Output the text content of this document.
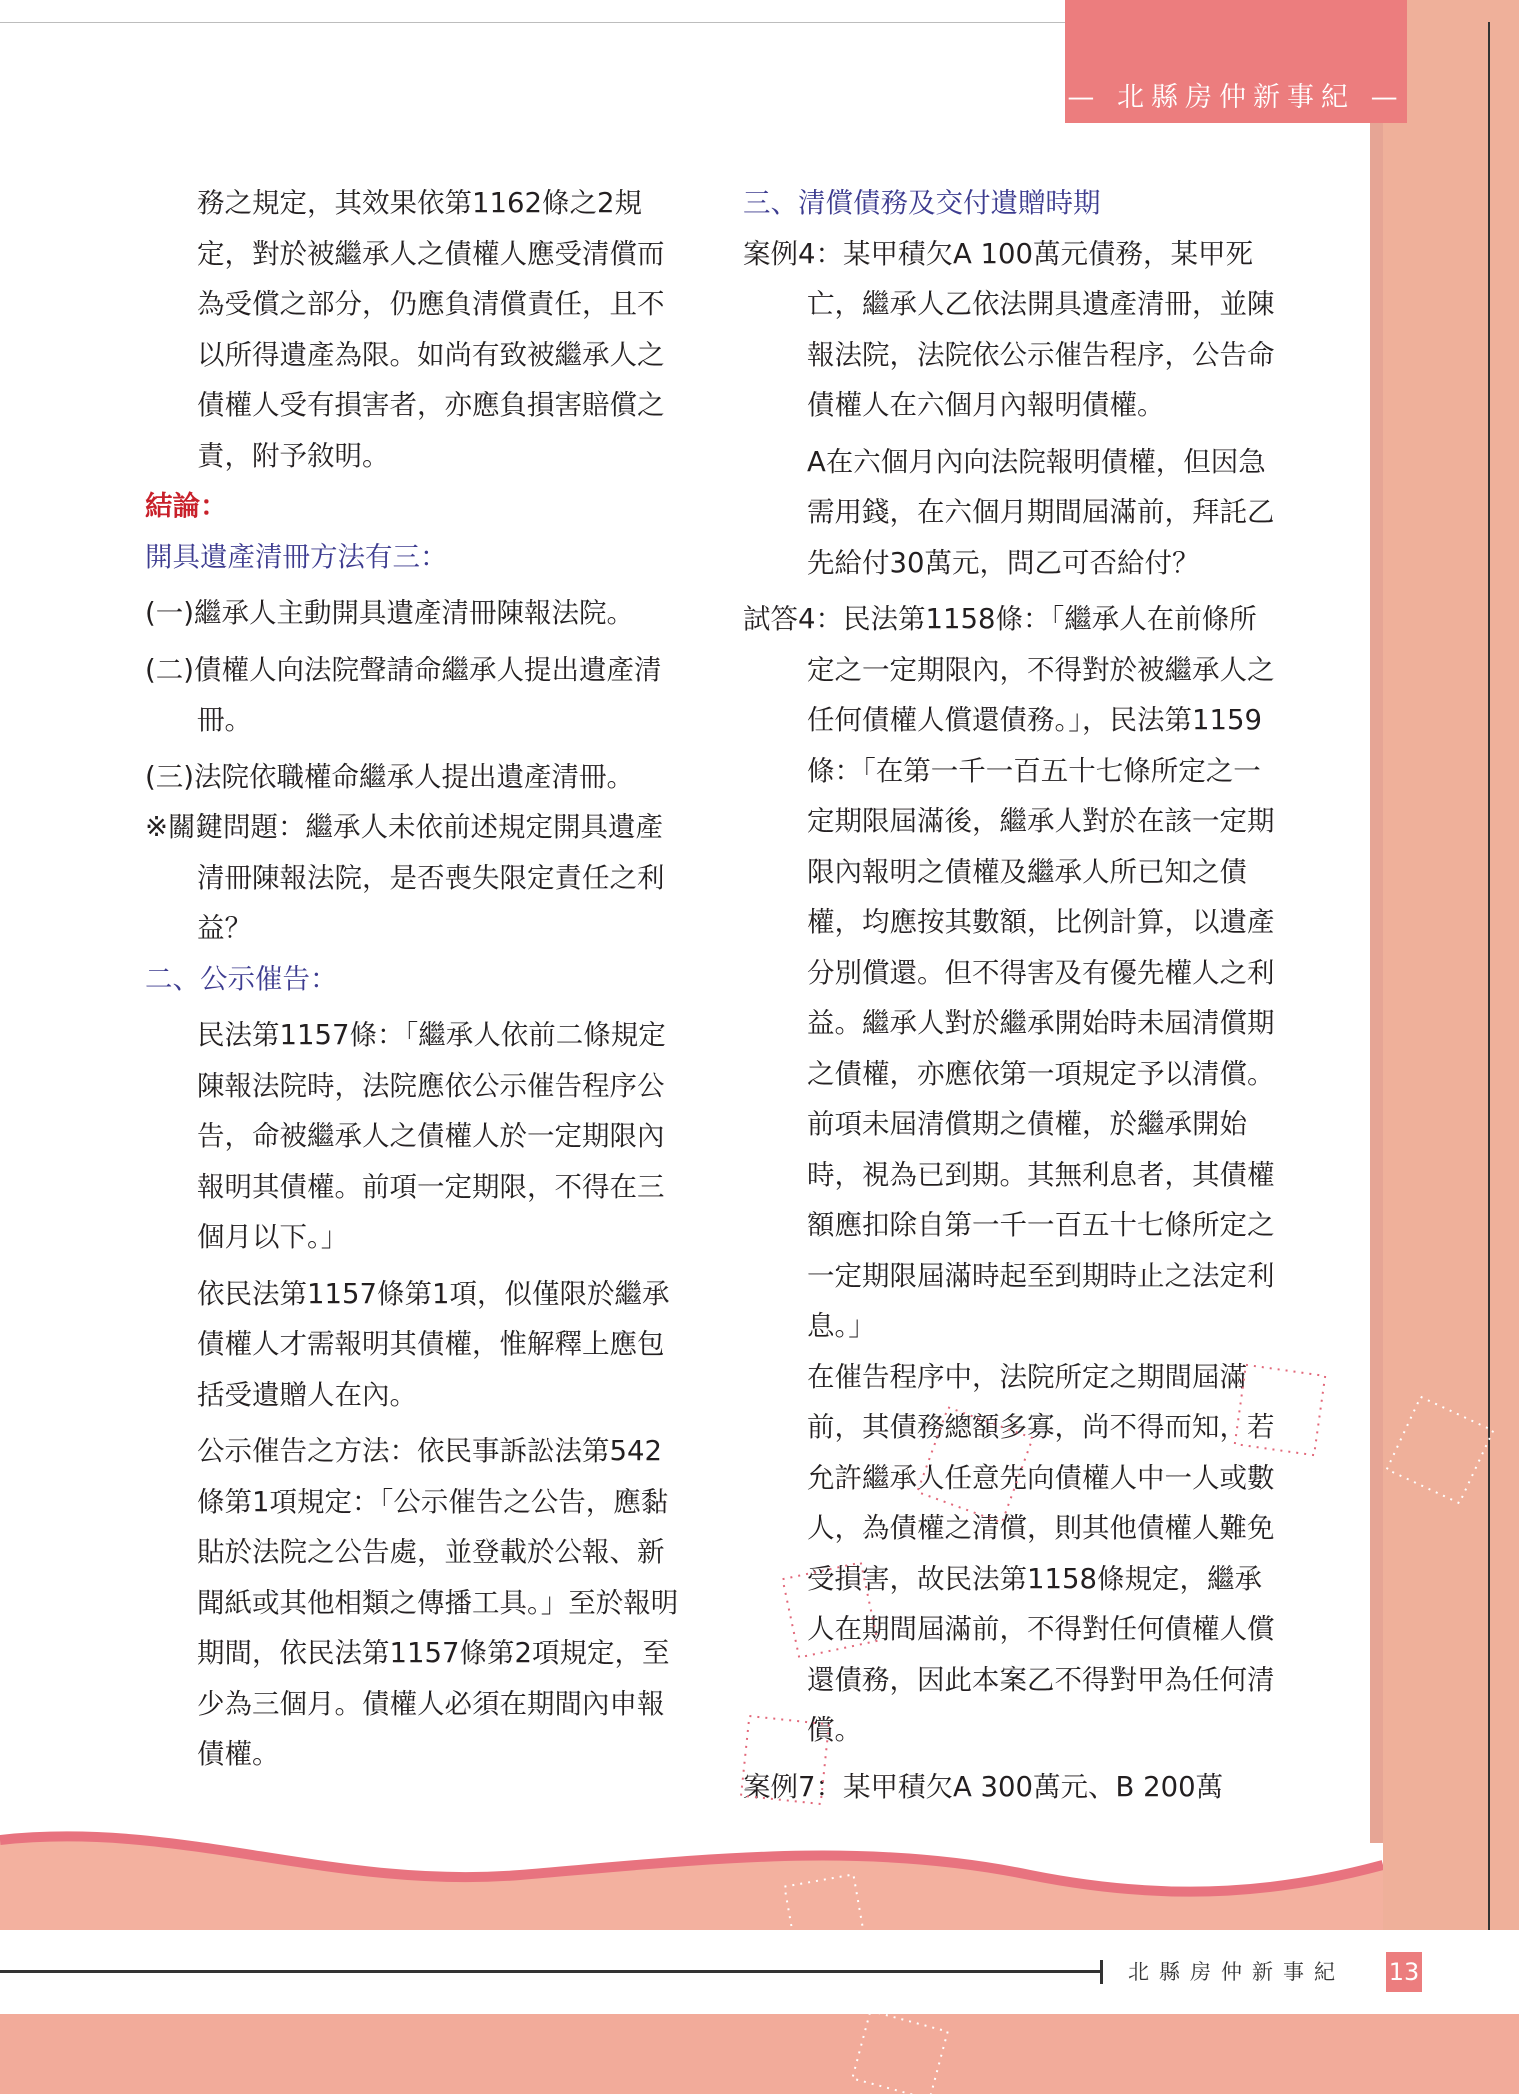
— 北縣房仲新事紀 —

務之規定，其效果依第1162條之2規定，對於被繼承人之債權人應受清償而為受償之部分，仍應負清償責任，且不以所得遺產為限。如尚有致被繼承人之債權人受有損害者，亦應負損害賠償之責，附予敘明。

結論：

開具遺產清冊方法有三：

(一)繼承人主動開具遺產清冊陳報法院。

(二)債權人向法院聲請命繼承人提出遺產清冊。

(三)法院依職權命繼承人提出遺產清冊。

※關鍵問題：繼承人未依前述規定開具遺產清冊陳報法院，是否喪失限定責任之利益？

二、公示催告：

民法第1157條：「繼承人依前二條規定陳報法院時，法院應依公示催告程序公告，命被繼承人之債權人於一定期限內報明其債權。前項一定期限，不得在三個月以下。」

依民法第1157條第1項，似僅限於繼承債權人才需報明其債權，惟解釋上應包括受遺贈人在內。

公示催告之方法：依民事訴訟法第542條第1項規定：「公示催告之公告，應黏貼於法院之公告處，並登載於公報、新聞紙或其他相類之傳播工具。」至於報明期間，依民法第1157條第2項規定，至少為三個月。債權人必須在期間內申報債權。

三、清償債務及交付遺贈時期

案例4：某甲積欠A 100萬元債務，某甲死亡，繼承人乙依法開具遺產清冊，並陳報法院，法院依公示催告程序，公告命債權人在六個月內報明債權。

A在六個月內向法院報明債權，但因急需用錢，在六個月期間屆滿前，拜託乙先給付30萬元，問乙可否給付？

試答4：民法第1158條：「繼承人在前條所定之一定期限內，不得對於被繼承人之任何債權人償還債務。」，民法第1159條：「在第一千一百五十七條所定之一定期限屆滿後，繼承人對於在該一定期限內報明之債權及繼承人所已知之債權，均應按其數額，比例計算，以遺產分別償還。但不得害及有優先權人之利益。繼承人對於繼承開始時未屆清償期之債權，亦應依第一項規定予以清償。前項未屆清償期之債權，於繼承開始時，視為已到期。其無利息者，其債權額應扣除自第一千一百五十七條所定之一定期限屆滿時起至到期時止之法定利息。」

在催告程序中，法院所定之期間屆滿前，其債務總額多寡，尚不得而知，若允許繼承人任意先向債權人中一人或數人，為債權之清償，則其他債權人難免受損害，故民法第1158條規定，繼承人在期間屆滿前，不得對任何債權人償還債務，因此本案乙不得對甲為任何清償。

案例7：某甲積欠A 300萬元、B 200萬

北縣房仲新事紀 13
